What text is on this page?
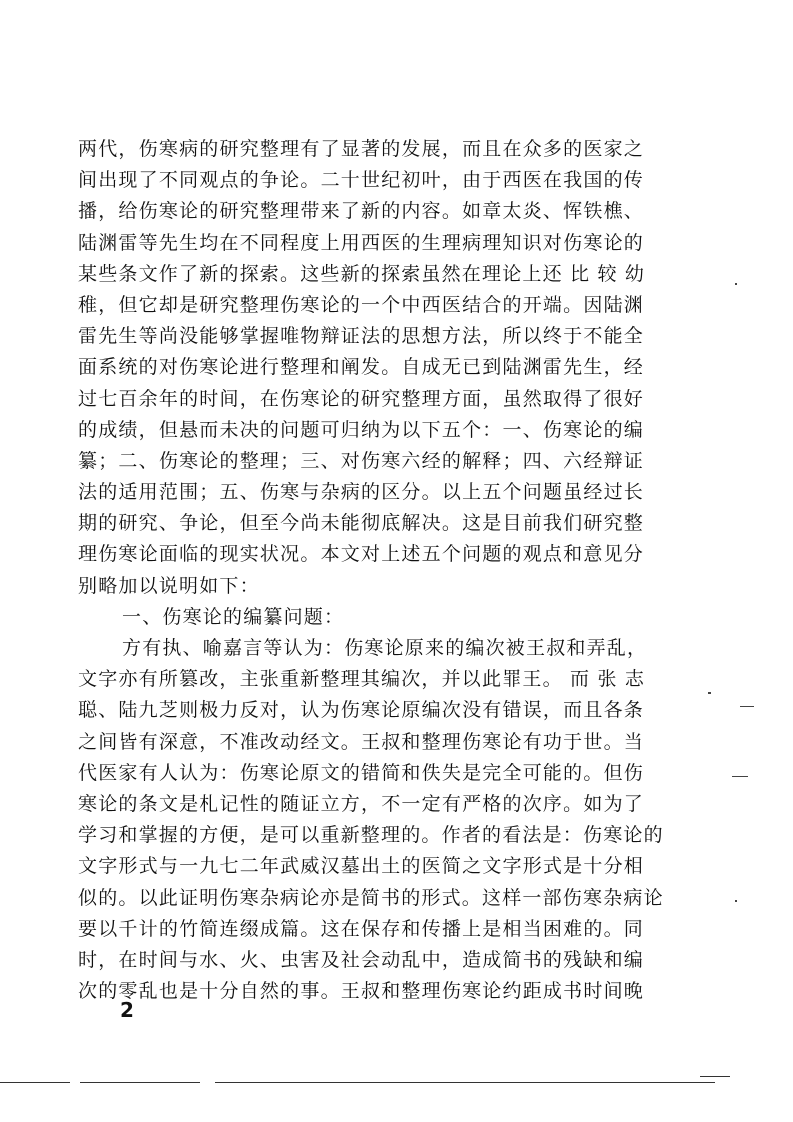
两代，伤寒病的研究整理有了显著的发展，而且在众多的医家之
间出现了不同观点的争论。二十世纪初叶，由于西医在我国的传
播，给伤寒论的研究整理带来了新的内容。如章太炎、恽铁樵、
陆渊雷等先生均在不同程度上用西医的生理病理知识对伤寒论的
某些条文作了新的探索。这些新的探索虽然在理论上还 比 较 幼
稚，但它却是研究整理伤寒论的一个中西医结合的开端。因陆渊
雷先生等尚没能够掌握唯物辩证法的思想方法，所以终于不能全
面系统的对伤寒论进行整理和阐发。自成无已到陆渊雷先生，经
过七百余年的时间，在伤寒论的研究整理方面，虽然取得了很好
的成绩，但悬而未决的问题可归纳为以下五个：一、伤寒论的编
纂；二、伤寒论的整理；三、对伤寒六经的解释；四、六经辩证
法的适用范围；五、伤寒与杂病的区分。以上五个问题虽经过长
期的研究、争论，但至今尚未能彻底解决。这是目前我们研究整
理伤寒论面临的现实状况。本文对上述五个问题的观点和意见分
别略加以说明如下：
一、伤寒论的编纂问题：
方有执、喻嘉言等认为：伤寒论原来的编次被王叔和弄乱，
文字亦有所篡改，主张重新整理其编次，并以此罪王。 而 张 志
聪、陆九芝则极力反对，认为伤寒论原编次没有错误，而且各条
之间皆有深意，不准改动经文。王叔和整理伤寒论有功于世。当
代医家有人认为：伤寒论原文的错简和佚失是完全可能的。但伤
寒论的条文是札记性的随证立方，不一定有严格的次序。如为了
学习和掌握的方便，是可以重新整理的。作者的看法是：伤寒论的
文字形式与一九七二年武威汉墓出土的医简之文字形式是十分相
似的。以此证明伤寒杂病论亦是简书的形式。这样一部伤寒杂病论
要以千计的竹简连缀成篇。这在保存和传播上是相当困难的。同
时，在时间与水、火、虫害及社会动乱中，造成简书的残缺和编
次的零乱也是十分自然的事。王叔和整理伤寒论约距成书时间晚
2
